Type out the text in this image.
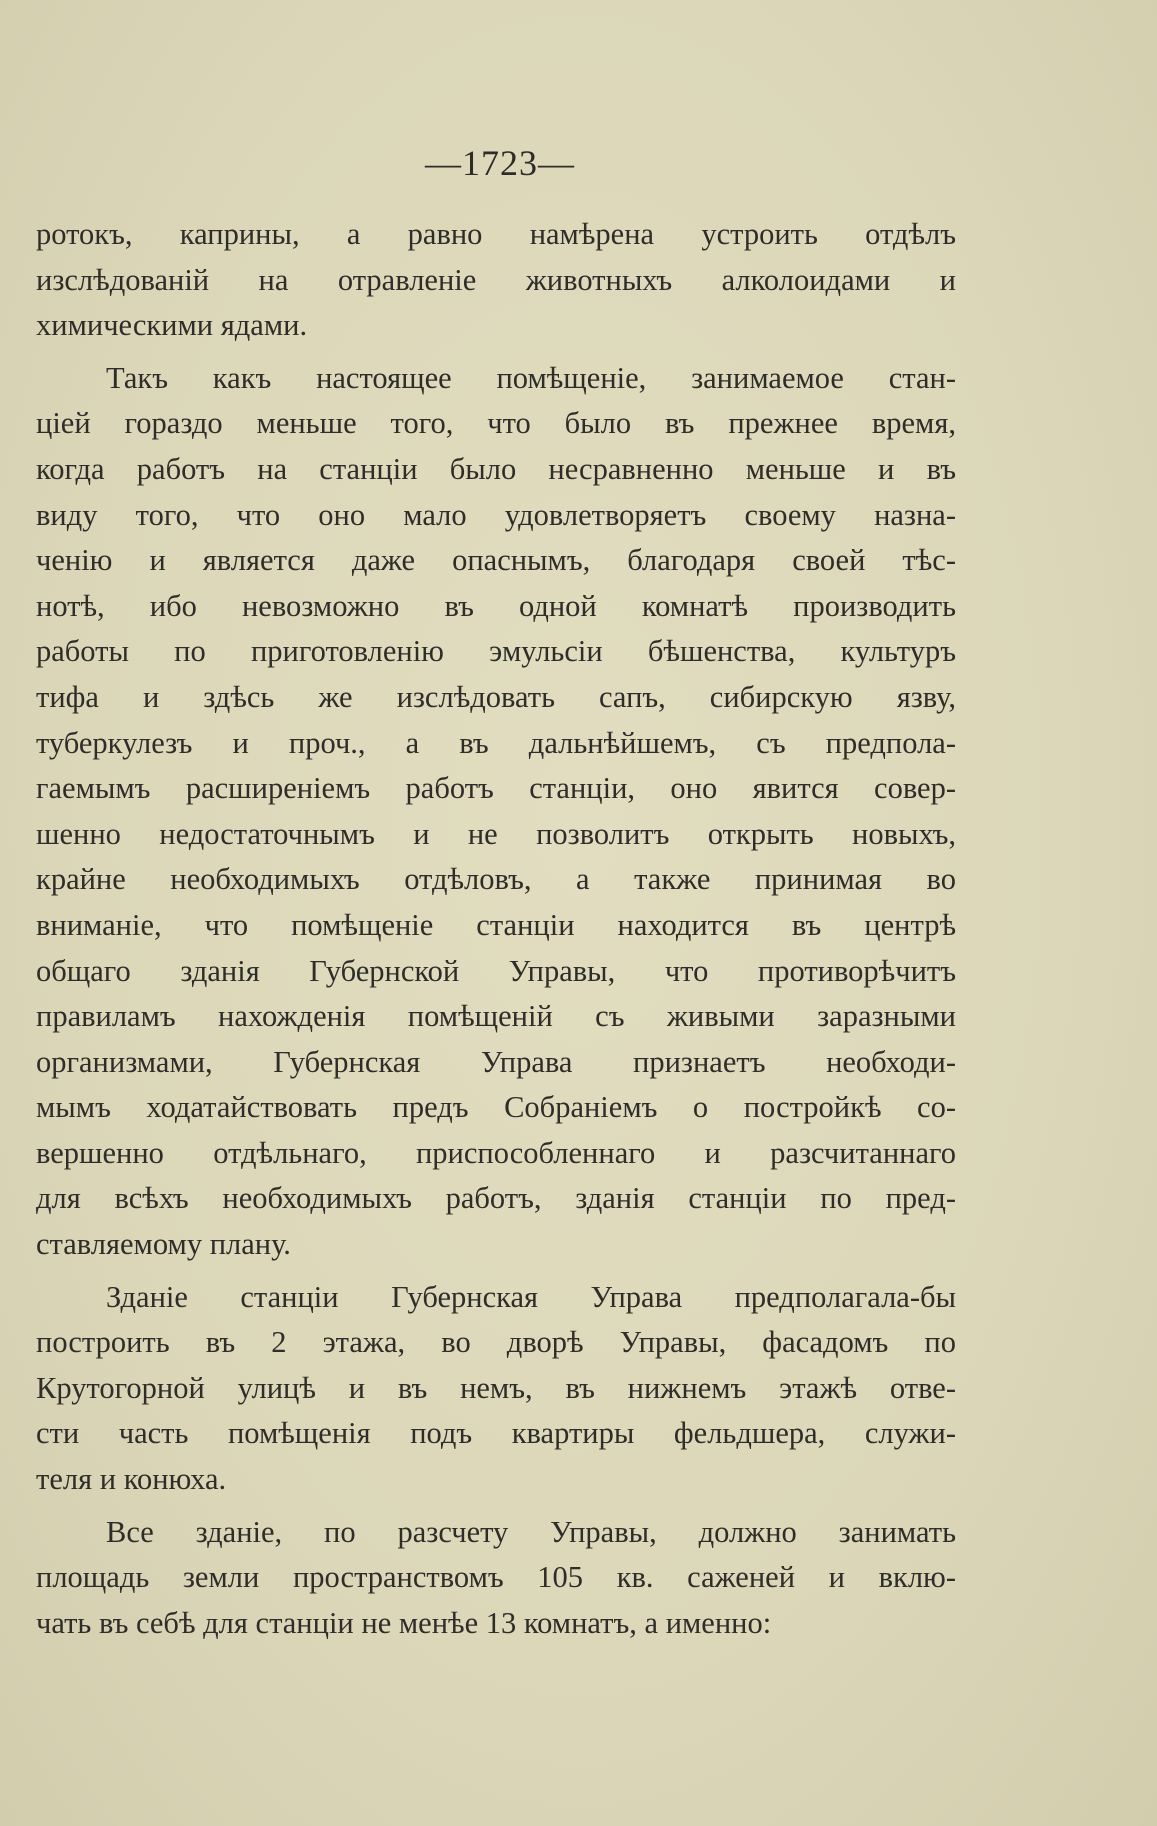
—1723—
ротокъ, каприны, а равно намѣрена устроить отдѣлъ
изслѣдованій на отравленіе животныхъ алколоидами и
химическими ядами.
Такъ какъ настоящее помѣщеніе, занимаемое стан-
ціей гораздо меньше того, что было въ прежнее время,
когда работъ на станціи было несравненно меньше и въ
виду того, что оно мало удовлетворяетъ своему назна-
ченію и является даже опаснымъ, благодаря своей тѣс-
нотѣ, ибо невозможно въ одной комнатѣ производить
работы по приготовленію эмульсіи бѣшенства, культуръ
тифа и здѣсь же изслѣдовать сапъ, сибирскую язву,
туберкулезъ и проч., а въ дальнѣйшемъ, съ предпола-
гаемымъ расширеніемъ работъ станціи, оно явится совер-
шенно недостаточнымъ и не позволитъ открыть новыхъ,
крайне необходимыхъ отдѣловъ, а также принимая во
вниманіе, что помѣщеніе станціи находится въ центрѣ
общаго зданія Губернской Управы, что противорѣчитъ
правиламъ нахожденія помѣщеній съ живыми заразными
организмами, Губернская Управа признаетъ необходи-
мымъ ходатайствовать предъ Собраніемъ о постройкѣ со-
вершенно отдѣльнаго, приспособленнаго и разсчитаннаго
для всѣхъ необходимыхъ работъ, зданія станціи по пред-
ставляемому плану.
Зданіе станціи Губернская Управа предполагала-бы
построить въ 2 этажа, во дворѣ Управы, фасадомъ по
Крутогорной улицѣ и въ немъ, въ нижнемъ этажѣ отве-
сти часть помѣщенія подъ квартиры фельдшера, служи-
теля и конюха.
Все зданіе, по разсчету Управы, должно занимать
площадь земли пространствомъ 105 кв. саженей и вклю-
чать въ себѣ для станціи не менѣе 13 комнатъ, а именно:
